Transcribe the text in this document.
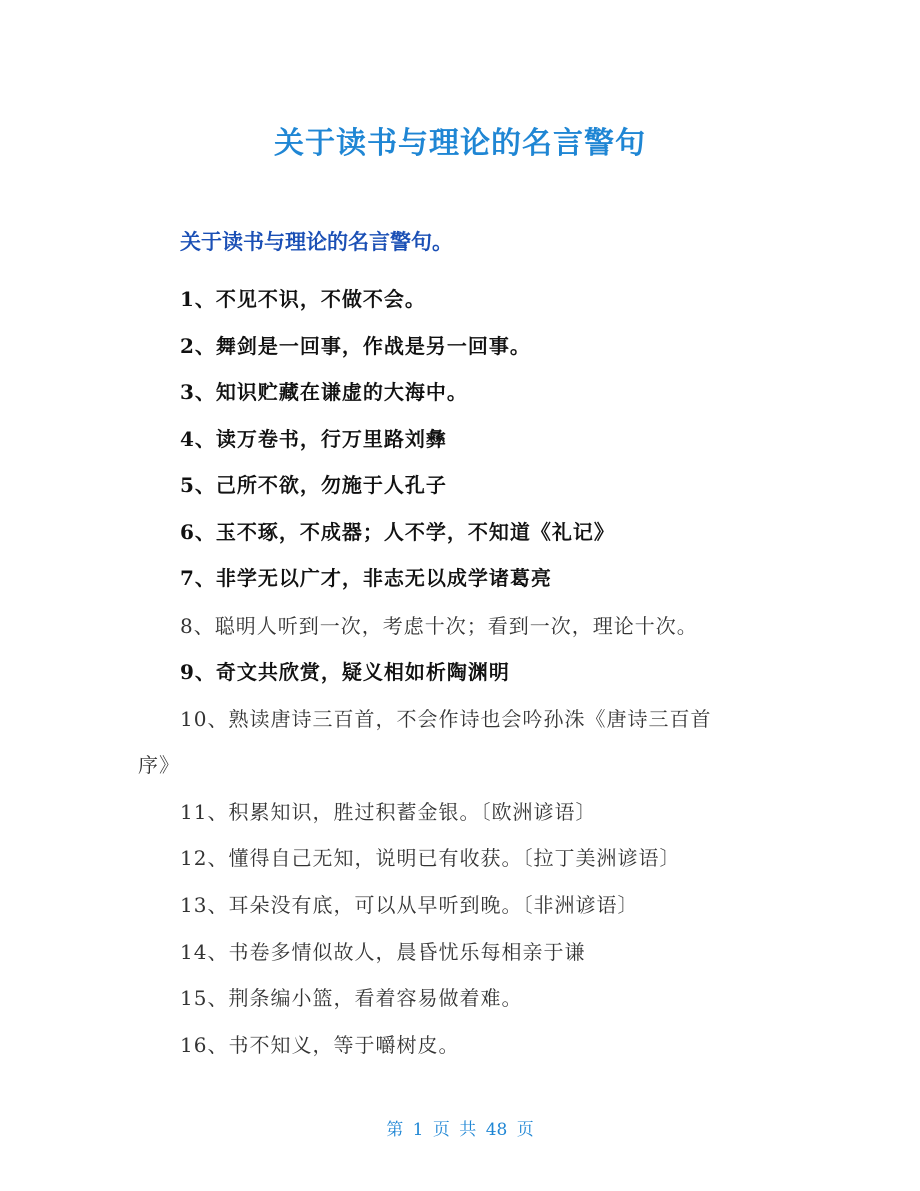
关于读书与理论的名言警句
关于读书与理论的名言警句。
1、不见不识，不做不会。
2、舞剑是一回事，作战是另一回事。
3、知识贮藏在谦虚的大海中。
4、读万卷书，行万里路刘彝
5、己所不欲，勿施于人孔子
6、玉不琢，不成器；人不学，不知道《礼记》
7、非学无以广才，非志无以成学诸葛亮
8、聪明人听到一次，考虑十次；看到一次，理论十次。
9、奇文共欣赏，疑义相如析陶渊明
10、熟读唐诗三百首，不会作诗也会吟孙洙《唐诗三百首
序》
11、积累知识，胜过积蓄金银。〔欧洲谚语〕
12、懂得自己无知，说明已有收获。〔拉丁美洲谚语〕
13、耳朵没有底，可以从早听到晚。〔非洲谚语〕
14、书卷多情似故人，晨昏忧乐每相亲于谦
15、荆条编小篮，看着容易做着难。
16、书不知义，等于嚼树皮。
第 1 页 共 48 页
